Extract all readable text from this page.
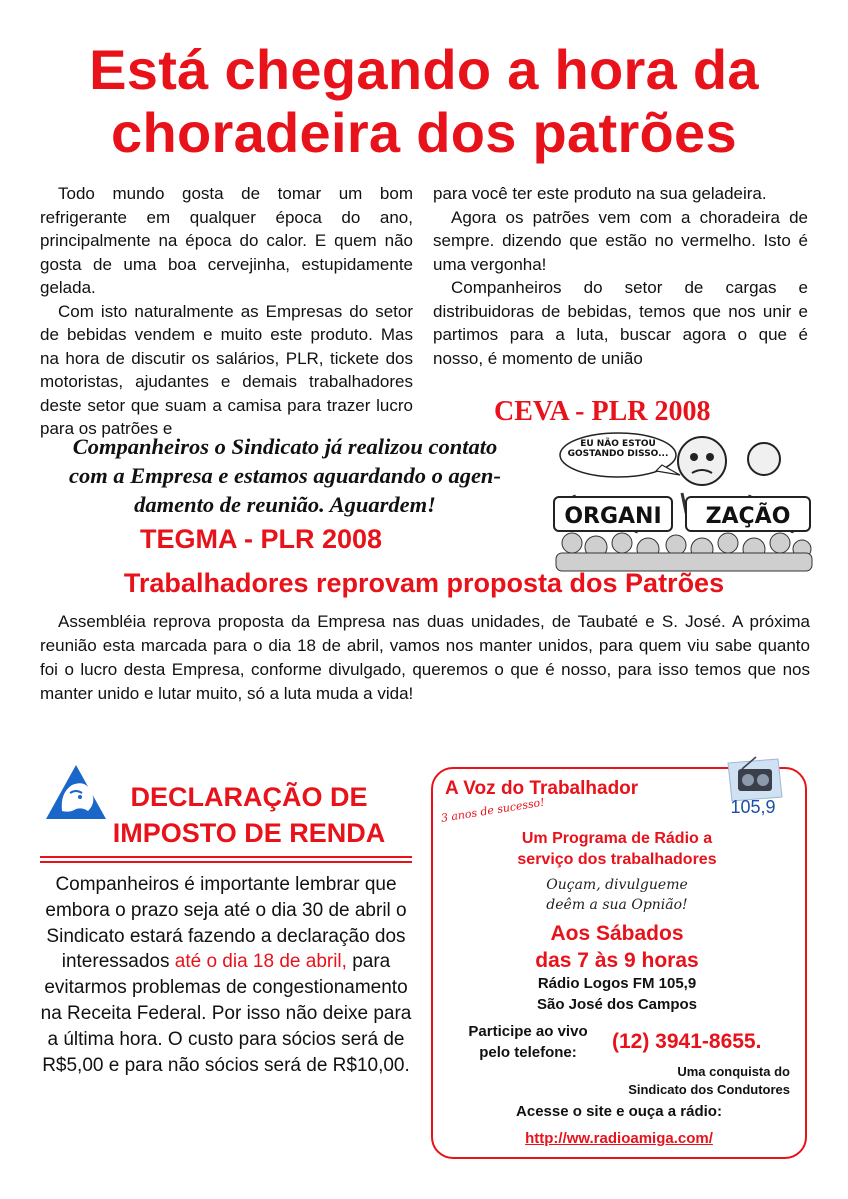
Está chegando a hora da
choradeira dos patrões

Todo mundo gosta de tomar um bom refrigerante em qualquer época do ano, principalmente na época do calor. E quem não gosta de uma boa cervejinha, estupidamente gelada.

Com isto naturalmente as Empresas do setor de bebidas vendem e muito este produto. Mas na hora de discutir os salários, PLR, tickete dos motoristas, ajudantes e demais trabalhadores deste setor que suam a camisa para trazer lucro para os patrões e

para você ter este produto na sua geladeira.

Agora os patrões vem com a choradeira de sempre. dizendo que estão no vermelho. Isto é uma vergonha!

Companheiros do setor de cargas e distribuidoras de bebidas, temos que nos unir e partimos para a luta, buscar agora o que é nosso, é momento de união

CEVA - PLR 2008
Companheiros o Sindicato já realizou contato
com a Empresa e estamos aguardando o agen-
damento de reunião. Aguardem!	ORGANI ZAÇÃO
EU NÃO ESTOU GOSTANDO DISSO...
TEGMA - PLR 2008
Trabalhadores reprovam proposta dos Patrões

Assembléia reprova proposta da Empresa nas duas unidades, de Taubaté e S. José. A próxima reunião esta marcada para o dia 18 de abril, vamos nos manter unidos, para quem viu sabe quanto foi o lucro desta Empresa, conforme divulgado, queremos o que é nosso, para isso temos que nos manter unido e lutar muito, só a luta muda a vida!

DECLARAÇÃO DE
IMPOSTO DE RENDA
Companheiros é importante lembrar que embora o prazo seja até o dia 30 de abril o Sindicato estará fazendo a declaração dos interessados até o dia 18 de abril, para evitarmos problemas de congestionamento na Receita Federal. Por isso não deixe para a última hora. O custo para sócios será de R$5,00 e para não sócios será de R$10,00.
105,9
A Voz do Trabalhador
3 anos de sucesso!
Um Programa de Rádio a
serviço dos trabalhadores
Ouçam, divulgueme
deêm a sua Opnião!
Aos Sábados
das 7 às 9 horas
Rádio Logos FM 105,9
São José dos Campos
Participe ao vivo
pelo telefone:	(12) 3941-8655.
Uma conquista do
Sindicato dos Condutores
Acesse o site e ouça a rádio:
http://ww.radioamiga.com/
